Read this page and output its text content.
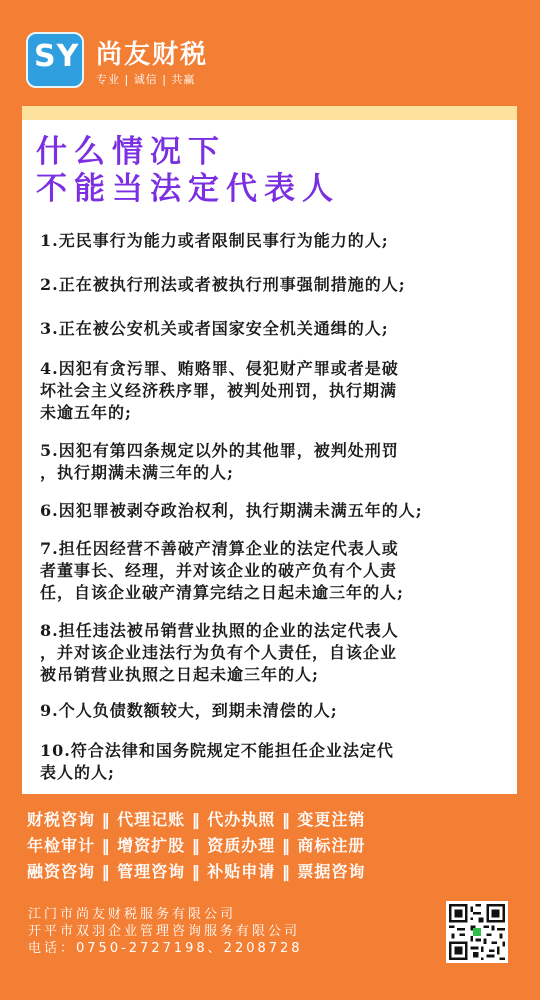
SY 尚友财税
专业 | 诚信 | 共赢
什么情况下
不能当法定代表人
1.无民事行为能力或者限制民事行为能力的人;
2.正在被执行刑法或者被执行刑事强制措施的人;
3.正在被公安机关或者国家安全机关通缉的人;
4.因犯有贪污罪、贿赂罪、侵犯财产罪或者是破
坏社会主义经济秩序罪，被判处刑罚，执行期满
未逾五年的;
5.因犯有第四条规定以外的其他罪，被判处刑罚
，执行期满未满三年的人;
6.因犯罪被剥夺政治权利，执行期满未满五年的人;
7.担任因经营不善破产清算企业的法定代表人或
者董事长、经理，并对该企业的破产负有个人责
任，自该企业破产清算完结之日起未逾三年的人;
8.担任违法被吊销营业执照的企业的法定代表人
，并对该企业违法行为负有个人责任，自该企业
被吊销营业执照之日起未逾三年的人;
9.个人负债数额较大，到期未清偿的人;
10.符合法律和国务院规定不能担任企业法定代
表人的人;
财税咨询 ‖ 代理记账 ‖ 代办执照 ‖ 变更注销
年检审计 ‖ 增资扩股 ‖ 资质办理 ‖ 商标注册
融资咨询 ‖ 管理咨询 ‖ 补贴申请 ‖ 票据咨询
江门市尚友财税服务有限公司
开平市双羽企业管理咨询服务有限公司
电话：0750-2727198、2208728
